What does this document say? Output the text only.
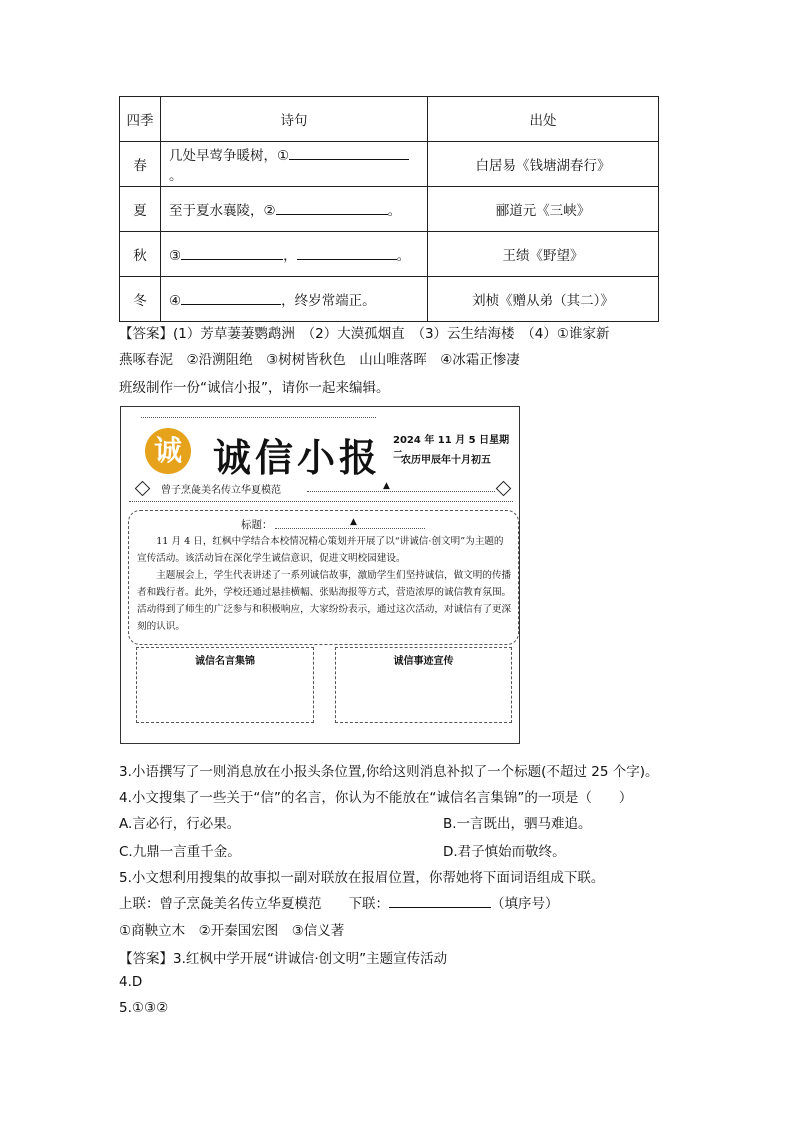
四季	诗句	出处
春	几处早莺争暖树，①。	白居易《钱塘湖春行》
夏	至于夏水襄陵，② 。	郦道元《三峡》
秋	③ ， 。	王绩《野望》
冬	④ ，终岁常端正。	刘桢《赠从弟（其二）》
【答案】(1）芳草萋萋鹦鹉洲　（2）大漠孤烟直　（3）云生结海楼　（4）①谁家新
燕啄春泥　②沿溯阻绝　③树树皆秋色　山山唯落晖　④冰霜正惨凄
班级制作一份“诚信小报”，请你一起来编辑。
诚 诚信小报 2024 年 11 月 5 日星期二
农历甲辰年十月初五
曾子烹彘美名传立华夏模范	▲
标题：	▲

11 月 4 日，红枫中学结合本校情况精心策划并开展了以“讲诚信·创文明”为主题的宣传活动。该活动旨在深化学生诚信意识，促进文明校园建设。

主题展会上，学生代表讲述了一系列诚信故事，激励学生们坚持诚信，做文明的传播者和践行者。此外，学校还通过悬挂横幅、张贴海报等方式，营造浓厚的诚信教育氛围。活动得到了师生的广泛参与和积极响应，大家纷纷表示，通过这次活动，对诚信有了更深刻的认识。

诚信名言集锦	诚信事迹宣传
3.小语撰写了一则消息放在小报头条位置,你给这则消息补拟了一个标题(不超过 25 个字)。
4.小文搜集了一些关于“信”的名言，你认为不能放在“诚信名言集锦”的一项是（　　）
A.言必行，行必果。	B.一言既出，驷马难追。
C.九鼎一言重千金。	D.君子慎始而敬终。
5.小文想利用搜集的故事拟一副对联放在报眉位置，你帮她将下面词语组成下联。
上联：曾子烹彘美名传立华夏模范　　下联：	（填序号）
①商鞅立木　②开秦国宏图　③信义著
【答案】3.红枫中学开展“讲诚信·创文明”主题宣传活动
4.D
5.①③②
